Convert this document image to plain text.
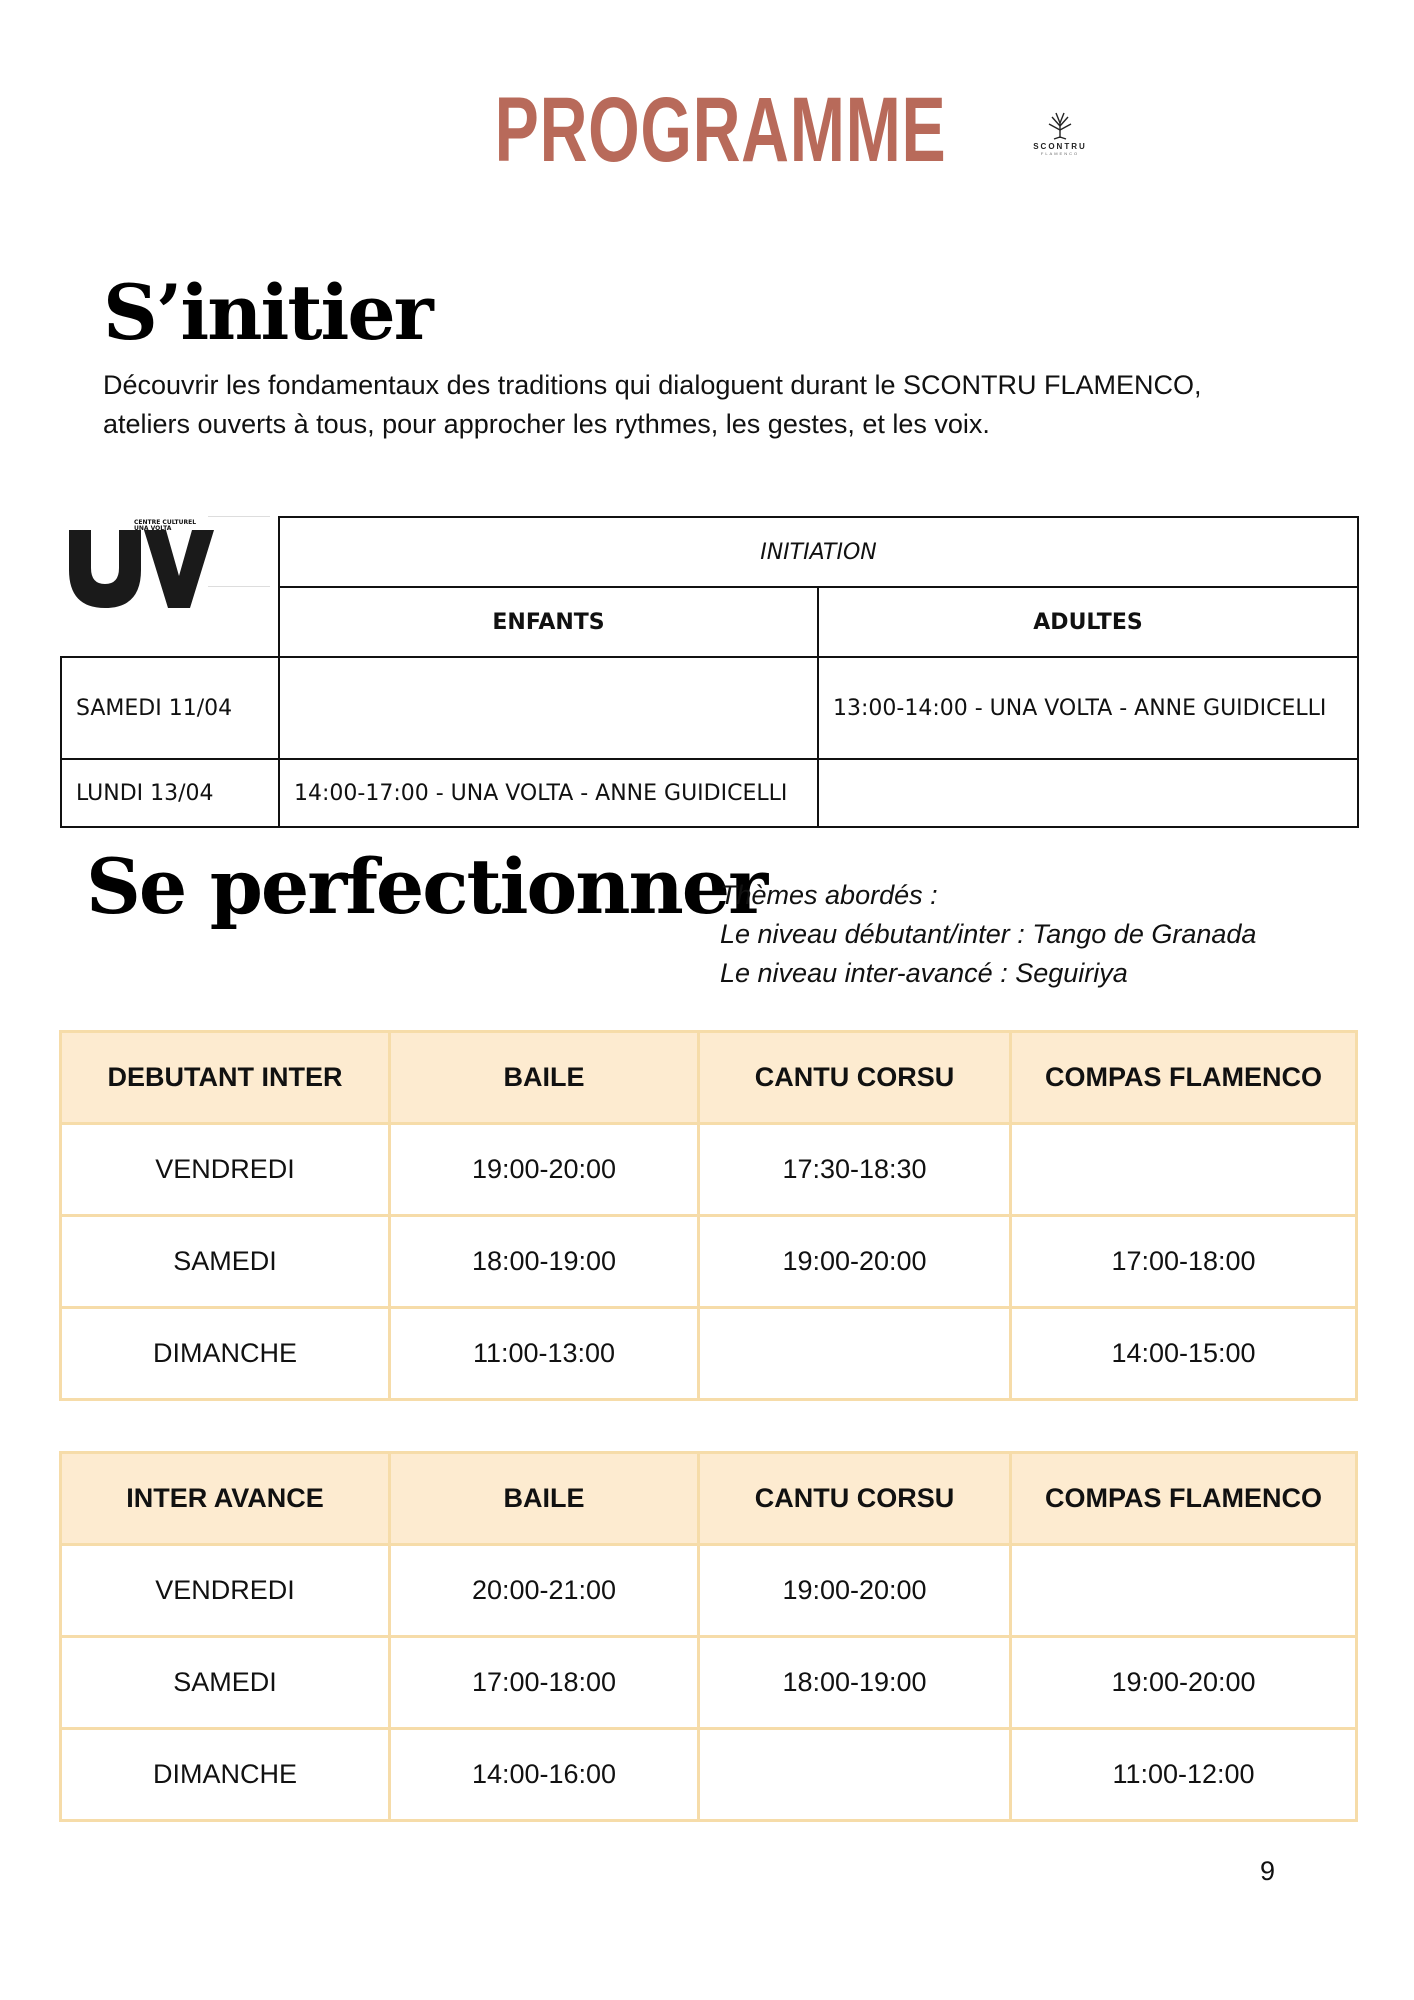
PROGRAMME	SCONTRU
FLAMENCO
S’initier
Découvrir les fondamentaux des traditions qui dialoguent durant le SCONTRU FLAMENCO,
ateliers ouverts à tous, pour approcher les rythmes, les gestes, et les voix.
	INITIATION	
	ENFANTS	ADULTES
SAMEDI 11/04		13:00-14:00 - UNA VOLTA - ANNE GUIDICELLI
LUNDI 13/04	14:00-17:00 - UNA VOLTA - ANNE GUIDICELLI	
CENTRE CULTUREL
UNA VOLTA
Se perfectionner
Thèmes abordés :
Le niveau débutant/inter : Tango de Granada
Le niveau inter-avancé : Seguiriya
DEBUTANT INTER	BAILE	CANTU CORSU	COMPAS FLAMENCO
VENDREDI	19:00-20:00	17:30-18:30	
SAMEDI	18:00-19:00	19:00-20:00	17:00-18:00
DIMANCHE	11:00-13:00		14:00-15:00
INTER AVANCE	BAILE	CANTU CORSU	COMPAS FLAMENCO
VENDREDI	20:00-21:00	19:00-20:00	
SAMEDI	17:00-18:00	18:00-19:00	19:00-20:00
DIMANCHE	14:00-16:00		11:00-12:00
9
